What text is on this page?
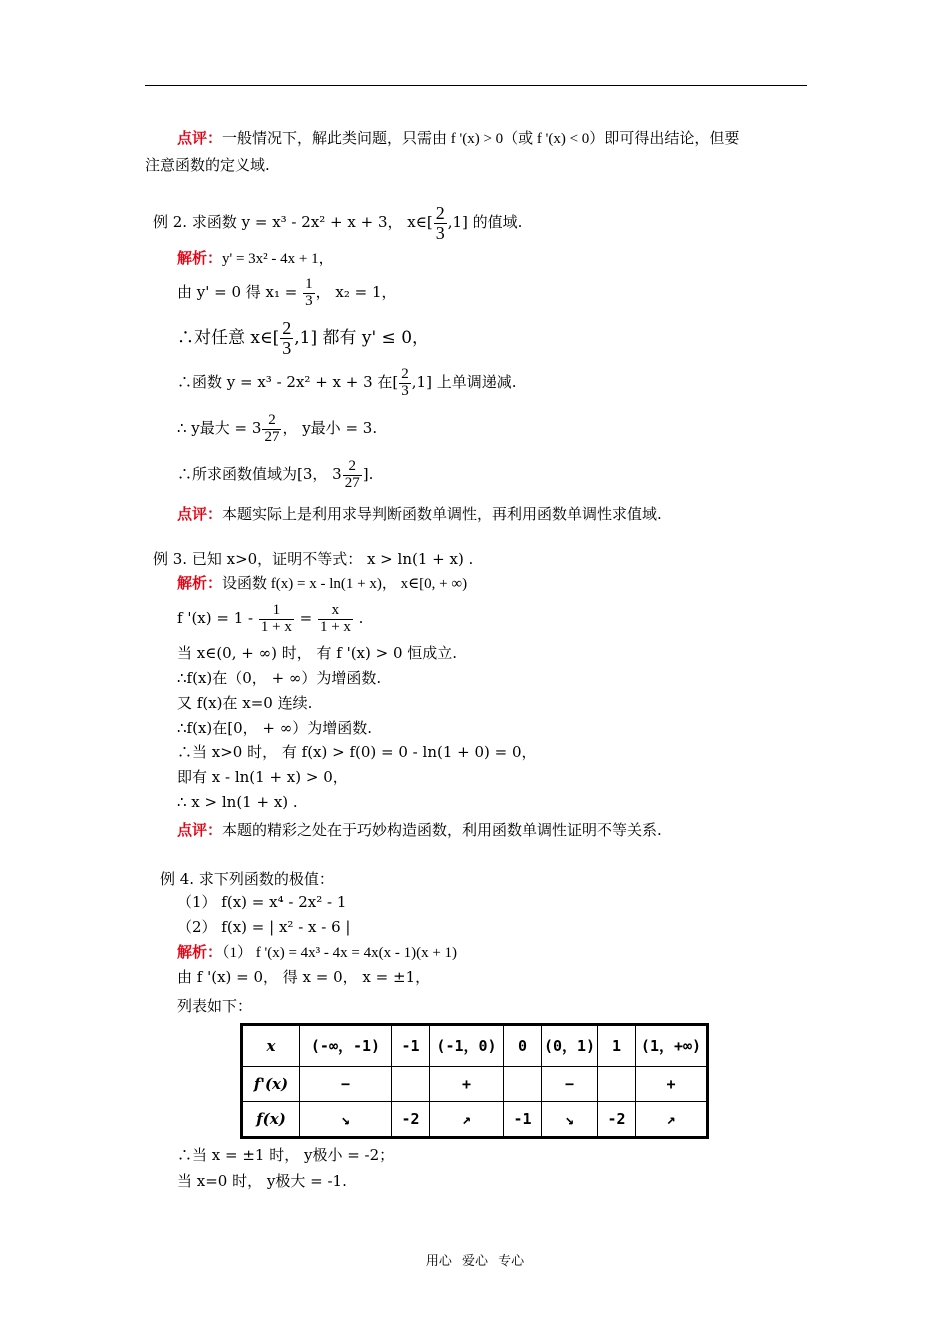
点评：一般情况下，解此类问题，只需由 f '(x) > 0（或 f '(x) < 0）即可得出结论，但要
注意函数的定义域.
例 2. 求函数 y = x³ - 2x² + x + 3， x∈[ $\frac{2}{3} ,1$] 的值域.
解析：y' = 3x² - 4x + 1，
由 y' = 0 得 $x_1 = \frac{1}{3}$ ， x₂ = 1，
∴对任意 x∈[ $\frac{2}{3} ,1$] 都有 y' ≤ 0，
∴函数 y = x³ - 2x² + x + 3 在[ $\frac{2}{3} ,1$] 上单调递减.
∴ y最大 = $3 \frac{2}{27}$ ， y最小 = 3.
∴所求函数值域为[3， $3 \frac{2}{27}$ ].
点评：本题实际上是利用求导判断函数单调性，再利用函数单调性求值域.
例 3. 已知 x>0，证明不等式： x > ln(1 + x) .
解析：设函数 f(x) = x - ln(1 + x)， x∈[0, + ∞)
f '$(x) = 1 - \frac{1}{1 + x} = \frac{x}{1 + x}$ .
当 x∈(0, + ∞) 时， 有 f '(x) > 0 恒成立.
∴f(x)在（0， + ∞）为增函数.
又 f(x)在 x=0 连续.
∴f(x)在[0， + ∞）为增函数.
∴当 x>0 时， 有 f(x) > f(0) = 0 - ln(1 + 0) = 0，
即有 x - ln(1 + x) > 0，
∴ x > ln(1 + x) .
点评：本题的精彩之处在于巧妙构造函数，利用函数单调性证明不等关系.
例 4. 求下列函数的极值：
（1） f(x) = x⁴ - 2x² - 1
（2） f(x) = | x² - x - 6 |
解析：（1） f '(x) = 4x³ - 4x = 4x(x - 1)(x + 1)
由 f '(x) = 0， 得 x = 0， x = ±1，
列表如下：
x	(-∞，-1)	-1	(-1，0)	0	(0，1)	1	(1，+∞)
f'(x)	−		+		−		+
f(x)	↘	-2	↗	-1	↘	-2	↗
∴当 x = ±1 时， y极小 = -2；
当 x=0 时， y极大 = -1.
用心 爱心 专心
